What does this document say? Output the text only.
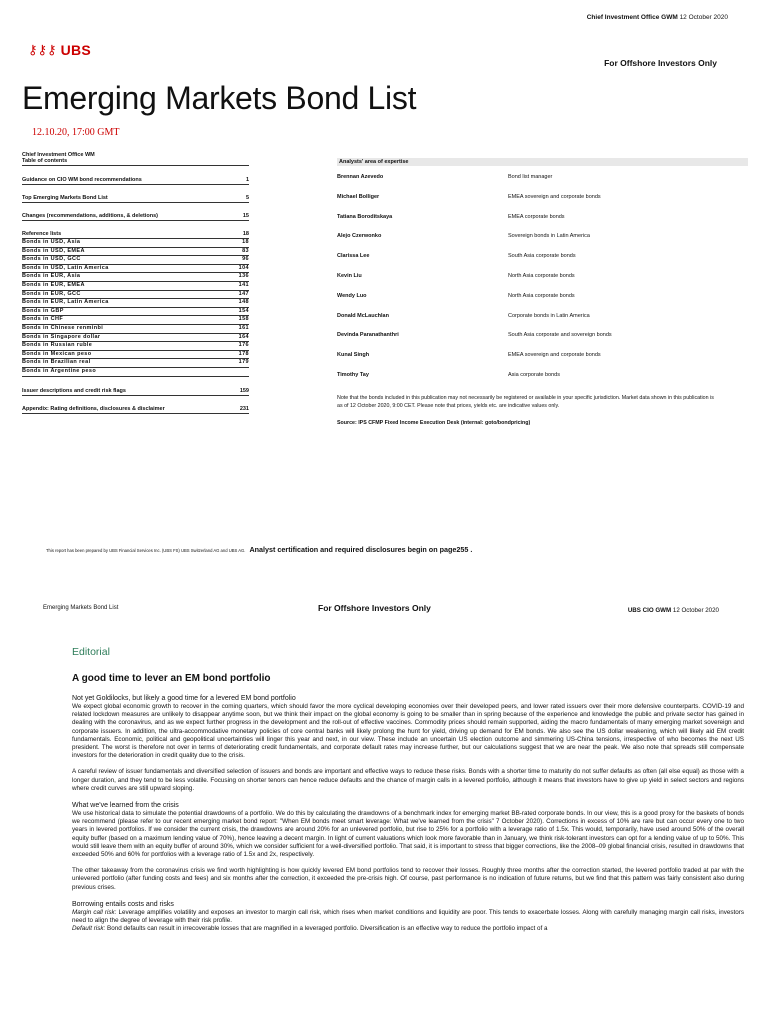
Chief Investment Office GWM 12 October 2020
⚷⚷⚷ UBS
For Offshore Investors Only
Emerging Markets Bond List
12.10.20, 17:00 GMT
Chief Investment Office WM
Table of contents
Guidance on CIO WM bond recommendations	1
Top Emerging Markets Bond List	5
Changes (recommendations, additions, & deletions)	15
Reference lists	18
Bonds in USD, Asia	18
Bonds in USD, EMEA	83
Bonds in USD, GCC	96
Bonds in USD, Latin America	104
Bonds in EUR, Asia	136
Bonds in EUR, EMEA	141
Bonds in EUR, GCC	147
Bonds in EUR, Latin America	148
Bonds in GBP	154
Bonds in CHF	158
Bonds in Chinese renminbi	161
Bonds in Singapore dollar	164
Bonds in Russian ruble	176
Bonds in Mexican peso	178
Bonds in Brazilian real	179
Bonds in Argentine peso
Issuer descriptions and credit risk flags	159
Appendix: Rating definitions, disclosures & disclaimer	231
Analysts' area of expertise
Brennan Azevedo	Bond list manager
Michael Bolliger	EMEA sovereign and corporate bonds
Tatiana Boroditskaya	EMEA corporate bonds
Alejo Czerwonko	Sovereign bonds in Latin America
Clarissa Lee	South Asia corporate bonds
Kevin Liu	North Asia corporate bonds
Wendy Luo	North Asia corporate bonds
Donald McLauchlan	Corporate bonds in Latin America
Devinda Paranathanthri	South Asia corporate and sovereign bonds
Kunal Singh	EMEA sovereign and corporate bonds
Timothy Tay	Asia corporate bonds
Note that the bonds included in this publication may not necessarily be registered or available in your specific jurisdiction. Market data shown in this publication is as of 12 October 2020, 9:00 CET. Please note that prices, yields etc. are indicative values only.
Source: IPS CFMP Fixed Income Execution Desk (internal: goto/bondpricing)
This report has been prepared by UBS Financial Services Inc. (UBS FS) UBS Switzerland AG and UBS AG. Analyst certification and required disclosures begin on page255 .
Emerging Markets Bond List	For Offshore Investors Only	UBS CIO GWM 12 October 2020
Editorial
A good time to lever an EM bond portfolio
Not yet Goldilocks, but likely a good time for a levered EM bond portfolio

We expect global economic growth to recover in the coming quarters, which should favor the more cyclical developing economies over their developed peers, and lower rated issuers over their more defensive counterparts. COVID-19 and related lockdown measures are unlikely to disappear anytime soon, but we think their impact on the global economy is going to be smaller than in spring because of the experience and knowledge the public and private sector has gained in dealing with the coronavirus, and as we expect further progress in the development and the roll-out of effective vaccines. Commodity prices should remain supported, aiding the macro fundamentals of many emerging market sovereign and corporate issuers. In addition, the ultra-accommodative monetary policies of core central banks will likely prolong the hunt for yield, driving up demand for EM bonds. We also see the US dollar weakening, which will likely aid EM credit fundamentals. Economic, political and geopolitical uncertainties will linger this year and next, in our view. These include an uncertain US election outcome and simmering US-China tensions, irrespective of who becomes the next US president. The worst is therefore not over in terms of deteriorating credit fundamentals, and corporate default rates may increase further, but our calculations suggest that we are near the peak. We also note that spreads still compensate investors for the deterioration in credit quality due to the crisis.

A careful review of issuer fundamentals and diversified selection of issuers and bonds are important and effective ways to reduce these risks. Bonds with a shorter time to maturity do not suffer defaults as often (all else equal) as those with a longer duration, and they tend to be less volatile. Focusing on shorter tenors can hence reduce defaults and the chance of margin calls in a levered portfolio, although it means that investors have to give up yield in select sectors and regions where credit curves are still upward sloping.

What we've learned from the crisis

We use historical data to simulate the potential drawdowns of a portfolio. We do this by calculating the drawdowns of a benchmark index for emerging market BB-rated corporate bonds. In our view, this is a good proxy for the baskets of bonds we recommend (please refer to our recent emerging market bond report: "When EM bonds meet smart leverage: What we've learned from the crisis" 7 October 2020). Corrections in excess of 10% are rare but can occur every one to two years in levered portfolios. If we consider the current crisis, the drawdowns are around 20% for an unlevered portfolio, but rise to 25% for a portfolio with a leverage ratio of 1.5x. This would, temporarily, have used around 50% of the overall equity buffer (based on a maximum lending value of 70%), hence leaving a decent margin. In light of current valuations which look more favorable than in January, we think risk-tolerant investors can opt for a lending value of up to 50%. This would still leave them with an equity buffer of around 30%, which we consider sufficient for a well-diversified portfolio. That said, it is important to stress that bigger corrections, like the 2008–09 global financial crisis, resulted in drawdowns that exceeded 50% and 60% for portfolios with a leverage ratio of 1.5x and 2x, respectively.

The other takeaway from the coronavirus crisis we find worth highlighting is how quickly levered EM bond portfolios tend to recover their losses. Roughly three months after the correction started, the levered portfolio traded at par with the unlevered portfolio (after funding costs and fees) and six months after the correction, it exceeded the pre-crisis high. Of course, past performance is no indication of future returns, but we find that this pattern was fairly consistent also during previous crises.

Borrowing entails costs and risks

Margin call risk: Leverage amplifies volatility and exposes an investor to margin call risk, which rises when market conditions and liquidity are poor. This tends to exacerbate losses. Along with carefully managing margin call risks, investors need to align the degree of leverage with their risk profile.

Default risk: Bond defaults can result in irrecoverable losses that are magnified in a leveraged portfolio. Diversification is an effective way to reduce the portfolio impact of a
